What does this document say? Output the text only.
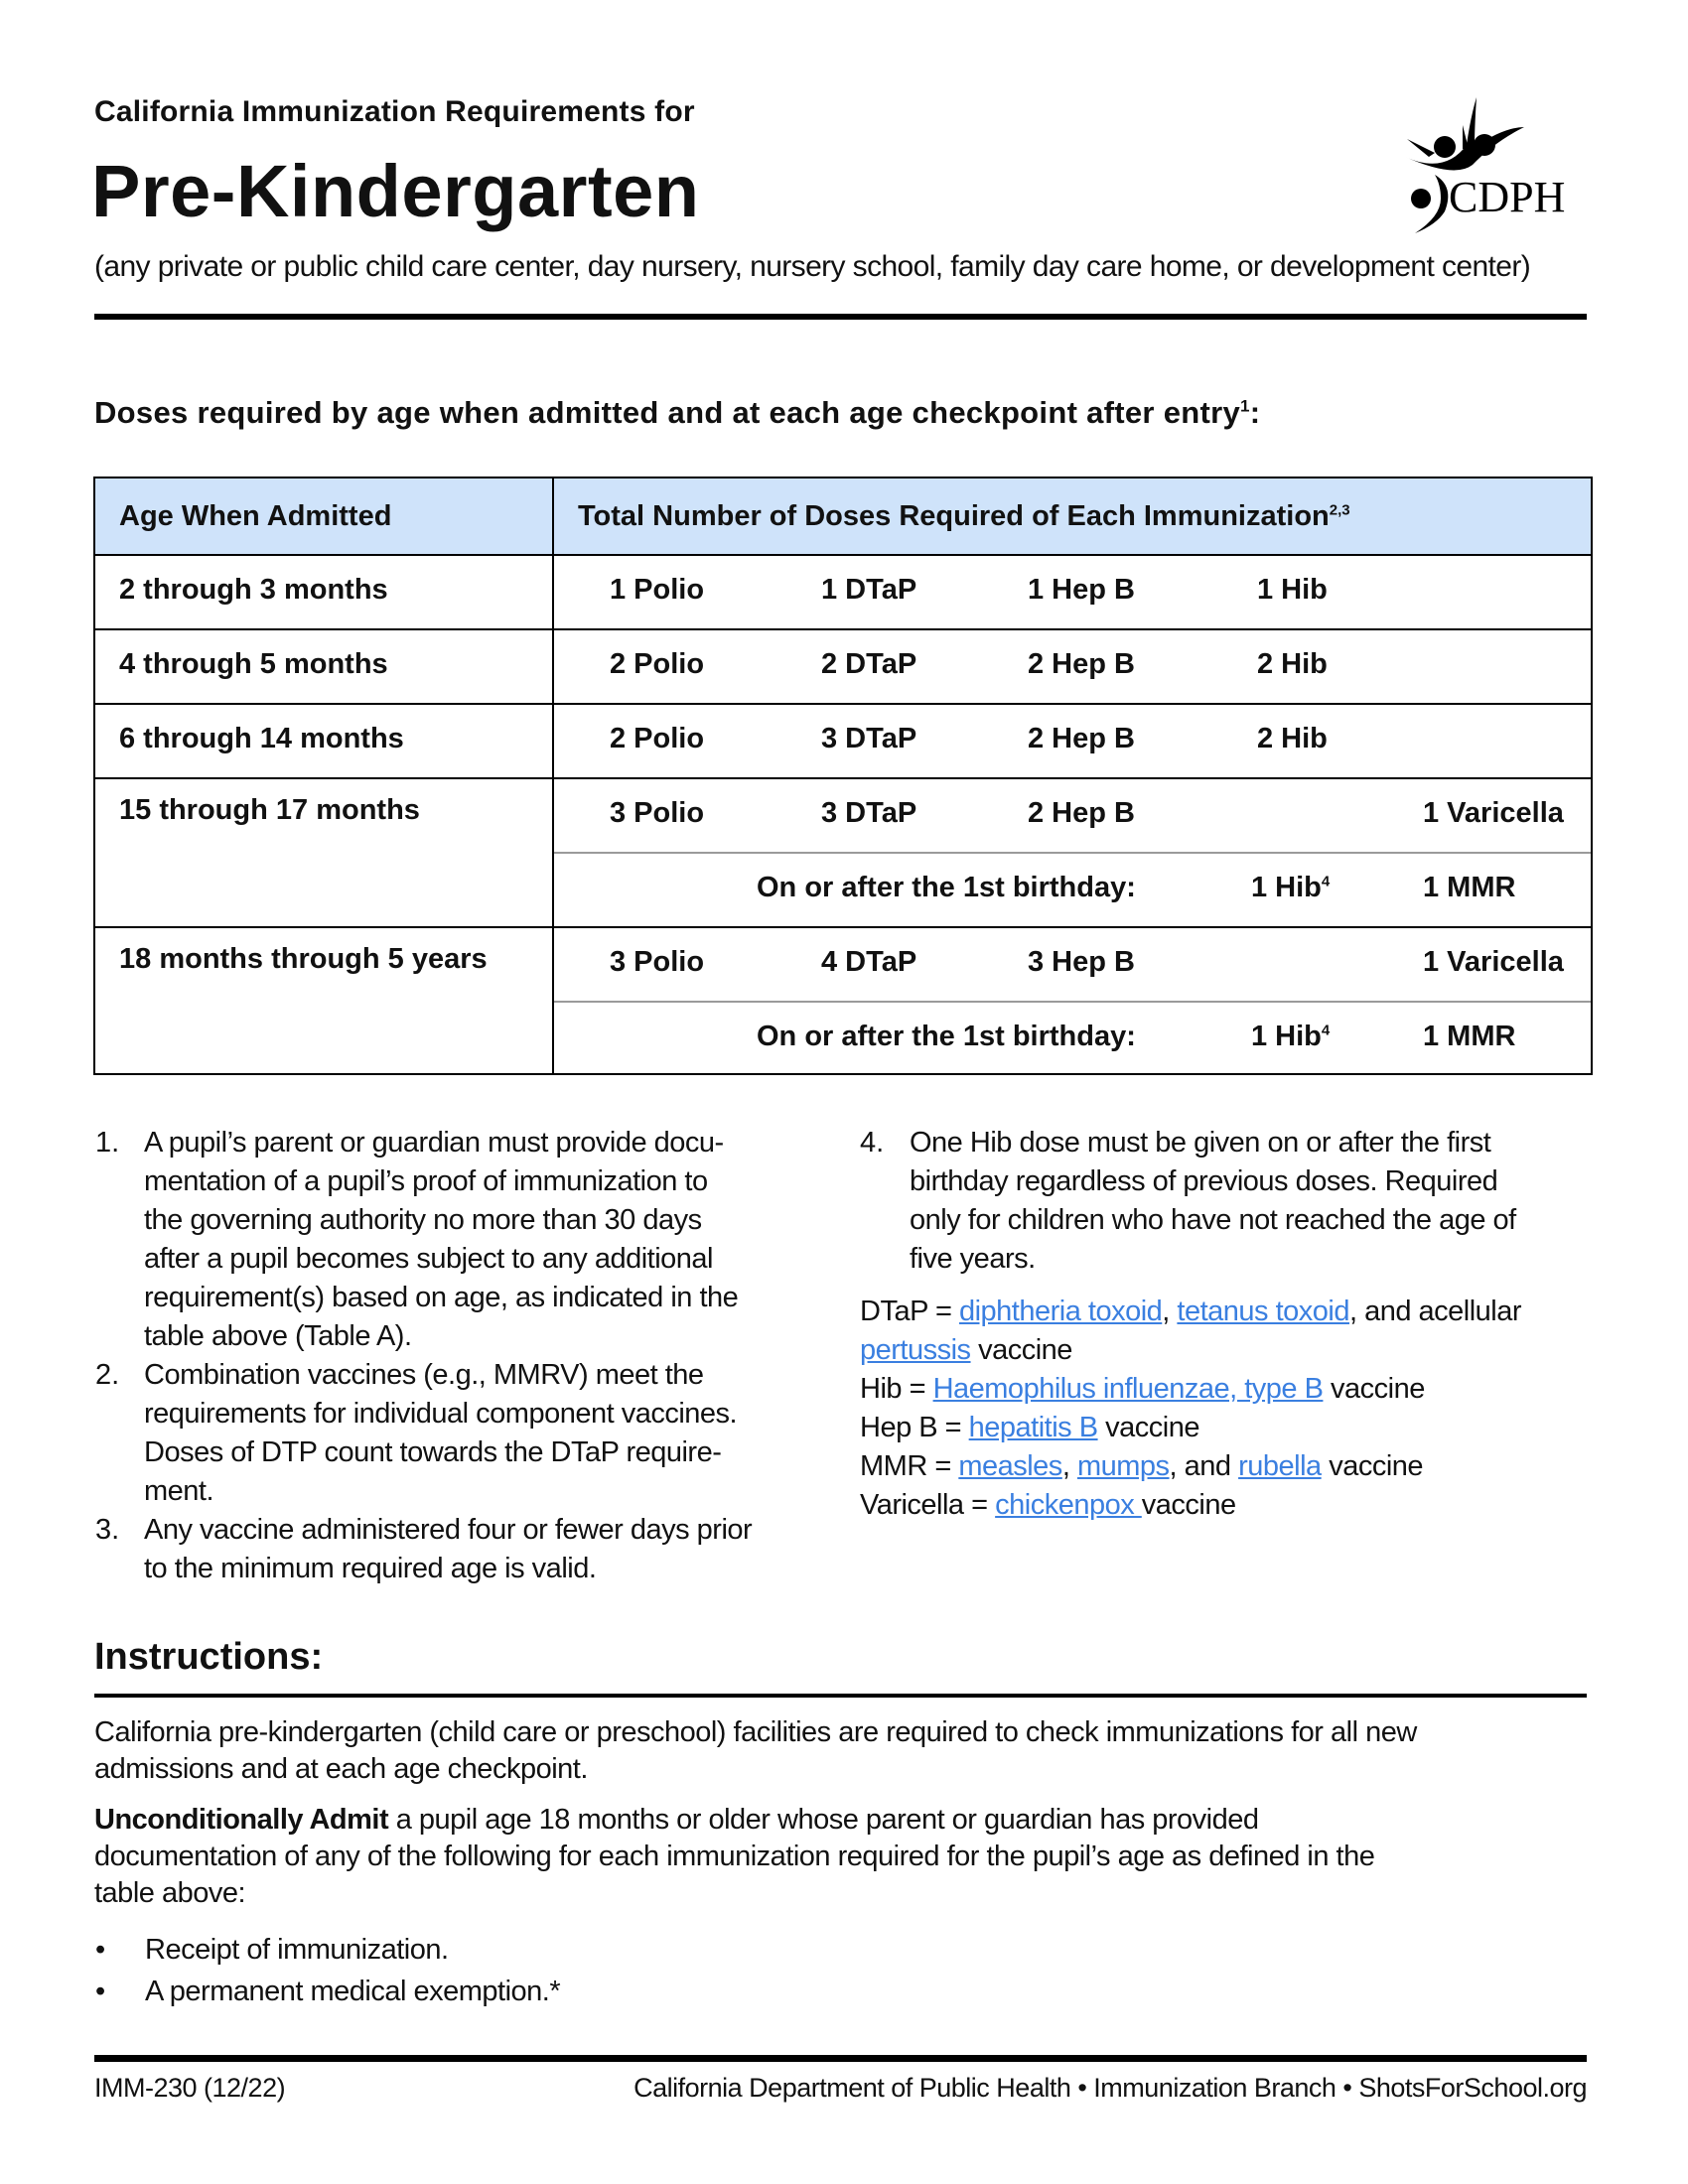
California Immunization Requirements for
Pre-Kindergarten
(any private or public child care center, day nursery, nursery school, family day care home, or development center)
CDPH
Doses required by age when admitted and at each age checkpoint after entry$^1$:
Age When Admitted	Total Number of Doses Required of Each Immunization$^{2,3}$
2 through 3 months	1 Polio	1 DTaP	1 Hep B	1 Hib
4 through 5 months	2 Polio	2 DTaP	2 Hep B	2 Hib
6 through 14 months	2 Polio	3 DTaP	2 Hep B	2 Hib
15 through 17 months	3 Polio	3 DTaP	2 Hep B	1 Varicella
On or after the 1st birthday:	1 Hib$^4$	1 MMR
18 months through 5 years	3 Polio	4 DTaP	3 Hep B	1 Varicella
On or after the 1st birthday:	1 Hib$^4$	1 MMR
1. A pupil’s parent or guardian must provide docu-
mentation of a pupil’s proof of immunization to
the governing authority no more than 30 days
after a pupil becomes subject to any additional
requirement(s) based on age, as indicated in the
table above (Table A).
2. Combination vaccines (e.g., MMRV) meet the
requirements for individual component vaccines.
Doses of DTP count towards the DTaP require-
ment.
3. Any vaccine administered four or fewer days prior
to the minimum required age is valid.
4. One Hib dose must be given on or after the first
birthday regardless of previous doses. Required
only for children who have not reached the age of
five years.
DTaP = diphtheria toxoid, tetanus toxoid, and acellular
pertussis vaccine
Hib = Haemophilus influenzae, type B vaccine
Hep B = hepatitis B vaccine
MMR = measles, mumps, and rubella vaccine
Varicella = chickenpox vaccine
Instructions:
California pre-kindergarten (child care or preschool) facilities are required to check immunizations for all new
admissions and at each age checkpoint.
Unconditionally Admit a pupil age 18 months or older whose parent or guardian has provided
documentation of any of the following for each immunization required for the pupil’s age as defined in the
table above:
• Receipt of immunization.
• A permanent medical exemption.*
IMM-230 (12/22)	California Department of Public Health • Immunization Branch • ShotsForSchool.org
